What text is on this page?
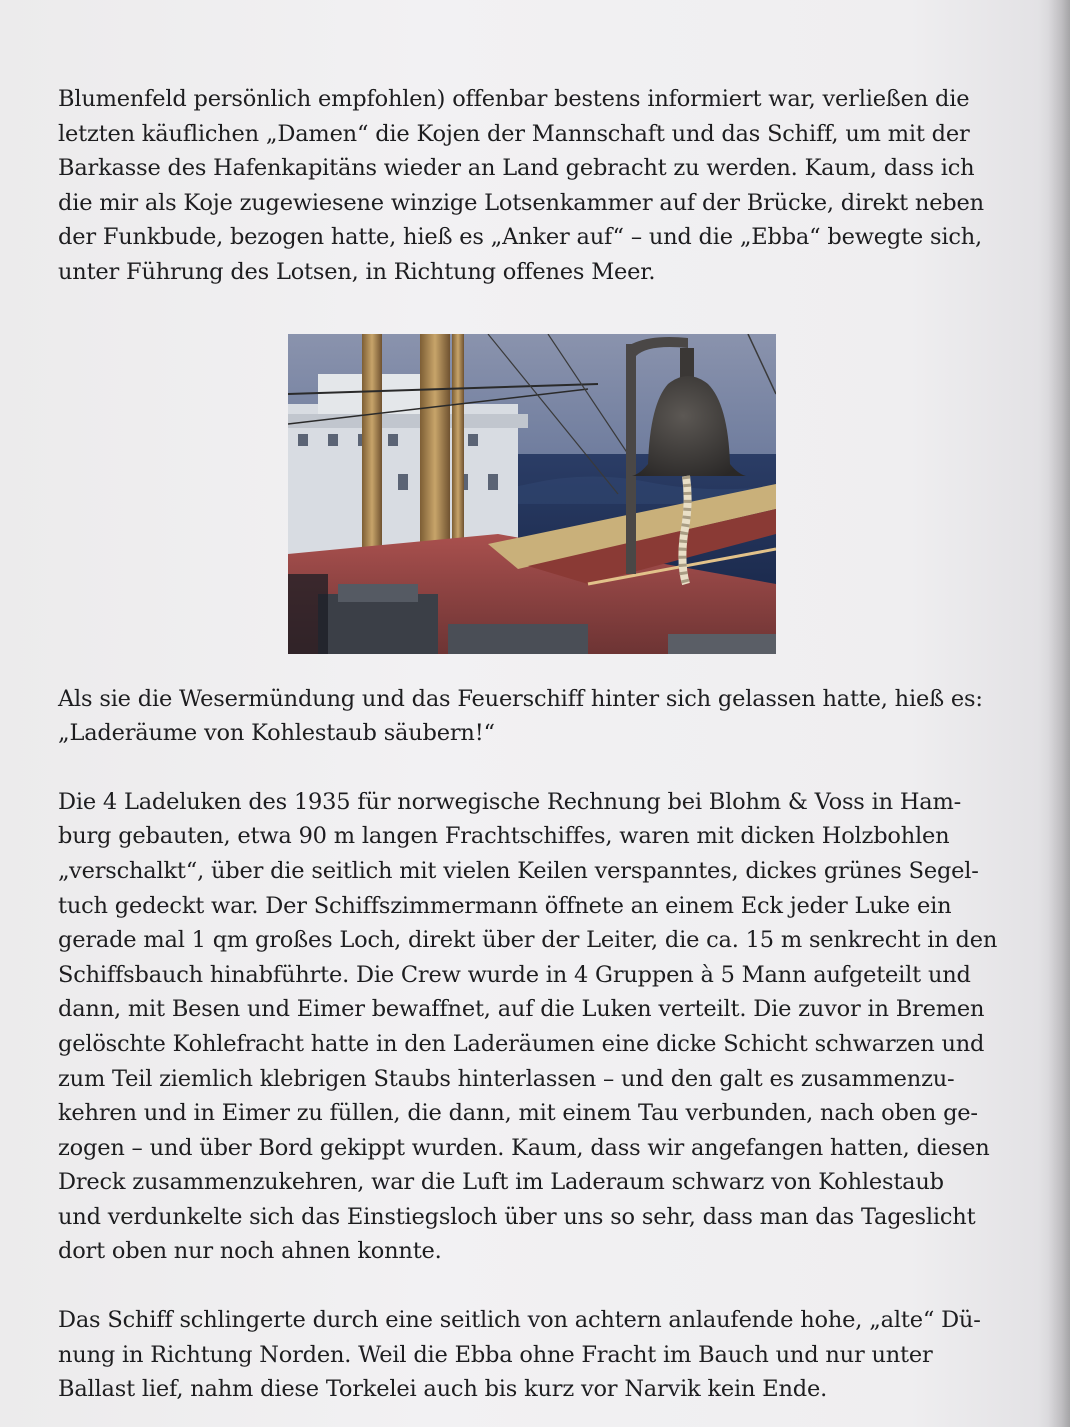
Blumenfeld persönlich empfohlen) offenbar bestens informiert war, verließen die
letzten käuflichen „Damen“ die Kojen der Mannschaft und das Schiff, um mit der
Barkasse des Hafenkapitäns wieder an Land gebracht zu werden. Kaum, dass ich
die mir als Koje zugewiesene winzige Lotsenkammer auf der Brücke, direkt neben
der Funkbude, bezogen hatte, hieß es „Anker auf“ – und die „Ebba“ bewegte sich,
unter Führung des Lotsen, in Richtung offenes Meer.

Als sie die Wesermündung und das Feuerschiff hinter sich gelassen hatte, hieß es:
„Laderäume von Kohlestaub säubern!“

Die 4 Ladeluken des 1935 für norwegische Rechnung bei Blohm & Voss in Ham-
burg gebauten, etwa 90 m langen Frachtschiffes, waren mit dicken Holzbohlen
„verschalkt“, über die seitlich mit vielen Keilen verspanntes, dickes grünes Segel-
tuch gedeckt war. Der Schiffszimmermann öffnete an einem Eck jeder Luke ein
gerade mal 1 qm großes Loch, direkt über der Leiter, die ca. 15 m senkrecht in den
Schiffsbauch hinabführte. Die Crew wurde in 4 Gruppen à 5 Mann aufgeteilt und
dann, mit Besen und Eimer bewaffnet, auf die Luken verteilt. Die zuvor in Bremen
gelöschte Kohlefracht hatte in den Laderäumen eine dicke Schicht schwarzen und
zum Teil ziemlich klebrigen Staubs hinterlassen – und den galt es zusammenzu-
kehren und in Eimer zu füllen, die dann, mit einem Tau verbunden, nach oben ge-
zogen – und über Bord gekippt wurden. Kaum, dass wir angefangen hatten, diesen
Dreck zusammenzukehren, war die Luft im Laderaum schwarz von Kohlestaub
und verdunkelte sich das Einstiegsloch über uns so sehr, dass man das Tageslicht
dort oben nur noch ahnen konnte.

Das Schiff schlingerte durch eine seitlich von achtern anlaufende hohe, „alte“ Dü-
nung in Richtung Norden. Weil die Ebba ohne Fracht im Bauch und nur unter
Ballast lief, nahm diese Torkelei auch bis kurz vor Narvik kein Ende.
